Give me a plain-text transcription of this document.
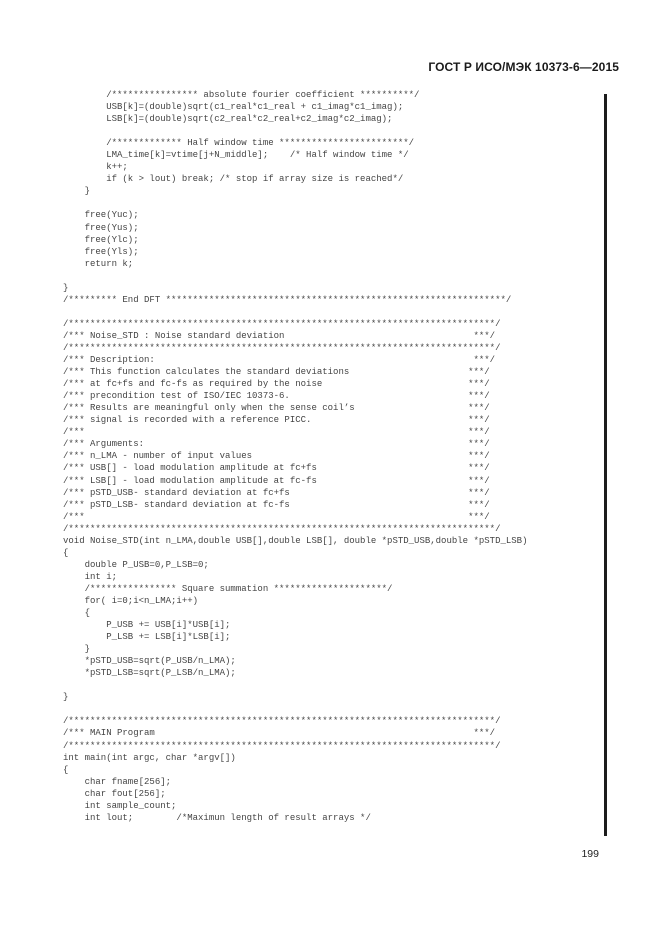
ГОСТ Р ИСО/МЭК 10373-6—2015
/**************** absolute fourier coefficient **********/
USB[k]=(double)sqrt(c1_real*c1_real + c1_imag*c1_imag);
LSB[k]=(double)sqrt(c2_real*c2_real+c2_imag*c2_imag);
/************* Half window time ************************/
LMA_time[k]=vtime[j+N_middle];    /* Half window time */
k++;
if (k > lout) break; /* stop if array size is reached*/
}
free(Yuc);
free(Yus);
free(Ylc);
free(Yls);
return k;
}
/********* End DFT ***************************************************************/
/*******************************************************************************/
/*** Noise_STD : Noise standard deviation                                   ***/
/*******************************************************************************/
/*** Description:                                                           ***/
/*** This function calculates the standard deviations                      ***/
/*** at fc+fs and fc-fs as required by the noise                           ***/
/*** precondition test of ISO/IEC 10373-6.                                 ***/
/*** Results are meaningful only when the sense coil’s                     ***/
/*** signal is recorded with a reference PICC.                             ***/
/***                                                                       ***/
/*** Arguments:                                                            ***/
/*** n_LMA - number of input values                                        ***/
/*** USB[] - load modulation amplitude at fc+fs                            ***/
/*** LSB[] - load modulation amplitude at fc-fs                            ***/
/*** pSTD_USB- standard deviation at fc+fs                                 ***/
/*** pSTD_LSB- standard deviation at fc-fs                                 ***/
/***                                                                       ***/
/*******************************************************************************/
void Noise_STD(int n_LMA,double USB[],double LSB[], double *pSTD_USB,double *pSTD_LSB)
{
double P_USB=0,P_LSB=0;
int i;
/**************** Square summation *********************/
for( i=0;i<n_LMA;i++)
{
P_USB += USB[i]*USB[i];
P_LSB += LSB[i]*LSB[i];
}
*pSTD_USB=sqrt(P_USB/n_LMA);
*pSTD_LSB=sqrt(P_LSB/n_LMA);
}
/*******************************************************************************/
/*** MAIN Program                                                           ***/
/*******************************************************************************/
int main(int argc, char *argv[])
{
char fname[256];
char fout[256];
int sample_count;
int lout;        /*Maximun length of result arrays */
199
